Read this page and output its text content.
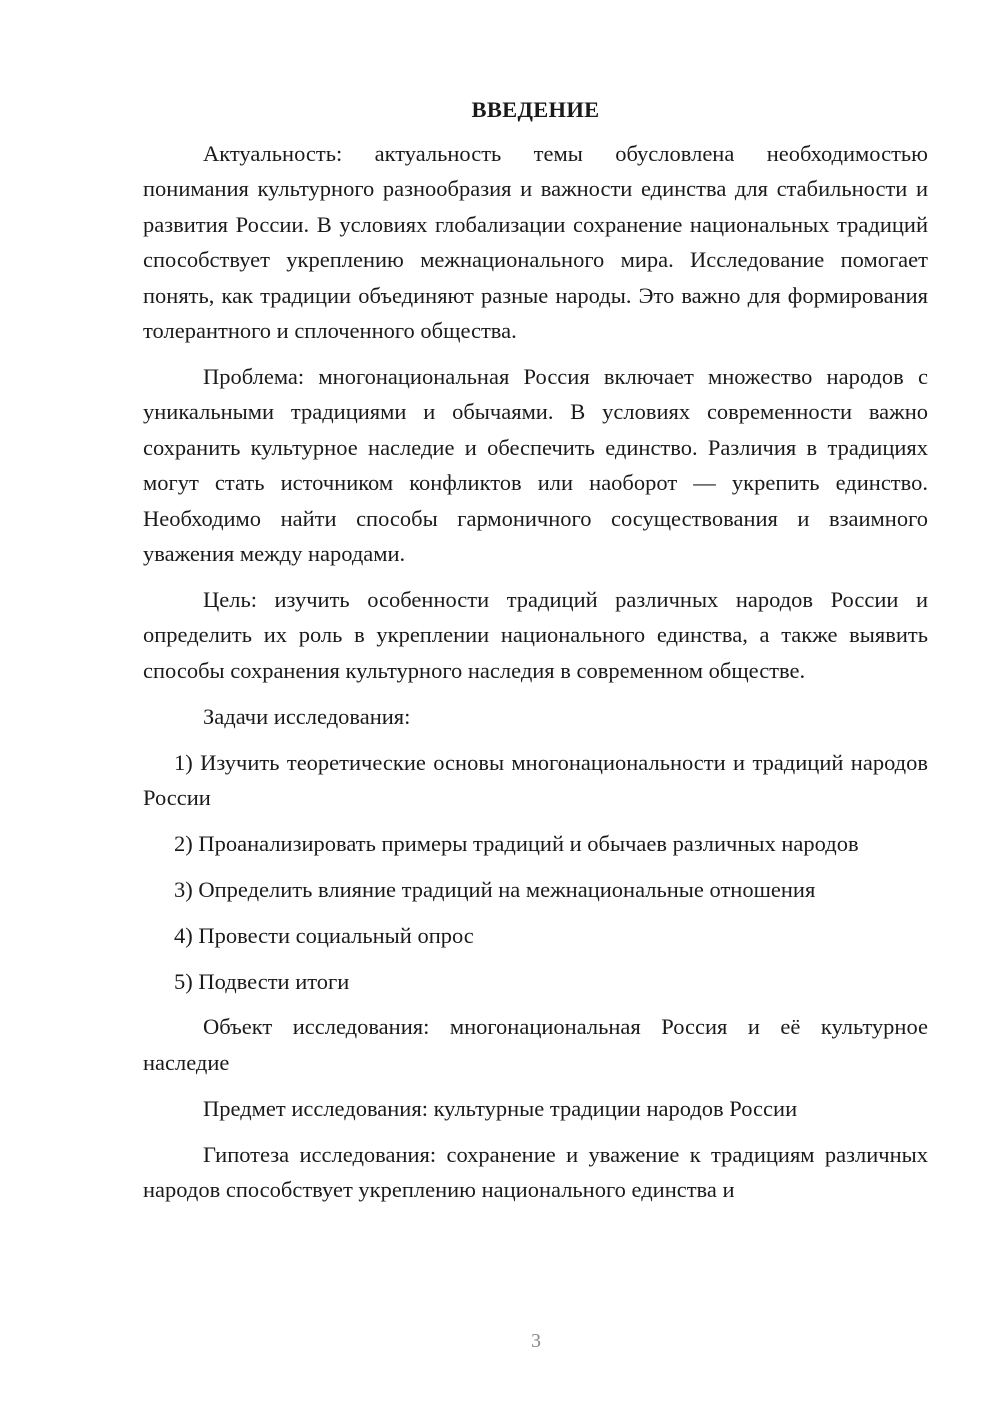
ВВЕДЕНИЕ

Актуальность: актуальность темы обусловлена необходимостью понимания культурного разнообразия и важности единства для стабильности и развития России. В условиях глобализации сохранение национальных традиций способствует укреплению межнационального мира. Исследование помогает понять, как традиции объединяют разные народы. Это важно для формирования толерантного и сплоченного общества.

Проблема: многонациональная Россия включает множество народов с уникальными традициями и обычаями. В условиях современности важно сохранить культурное наследие и обеспечить единство. Различия в традициях могут стать источником конфликтов или наоборот — укрепить единство. Необходимо найти способы гармоничного сосуществования и взаимного уважения между народами.

Цель: изучить особенности традиций различных народов России и определить их роль в укреплении национального единства, а также выявить способы сохранения культурного наследия в современном обществе.

Задачи исследования:

1) Изучить теоретические основы многонациональности и традиций народов России

2) Проанализировать примеры традиций и обычаев различных народов

3) Определить влияние традиций на межнациональные отношения

4) Провести социальный опрос

5) Подвести итоги

Объект исследования: многонациональная Россия и её культурное наследие

Предмет исследования: культурные традиции народов России

Гипотеза исследования: сохранение и уважение к традициям различных народов способствует укреплению национального единства и

3
